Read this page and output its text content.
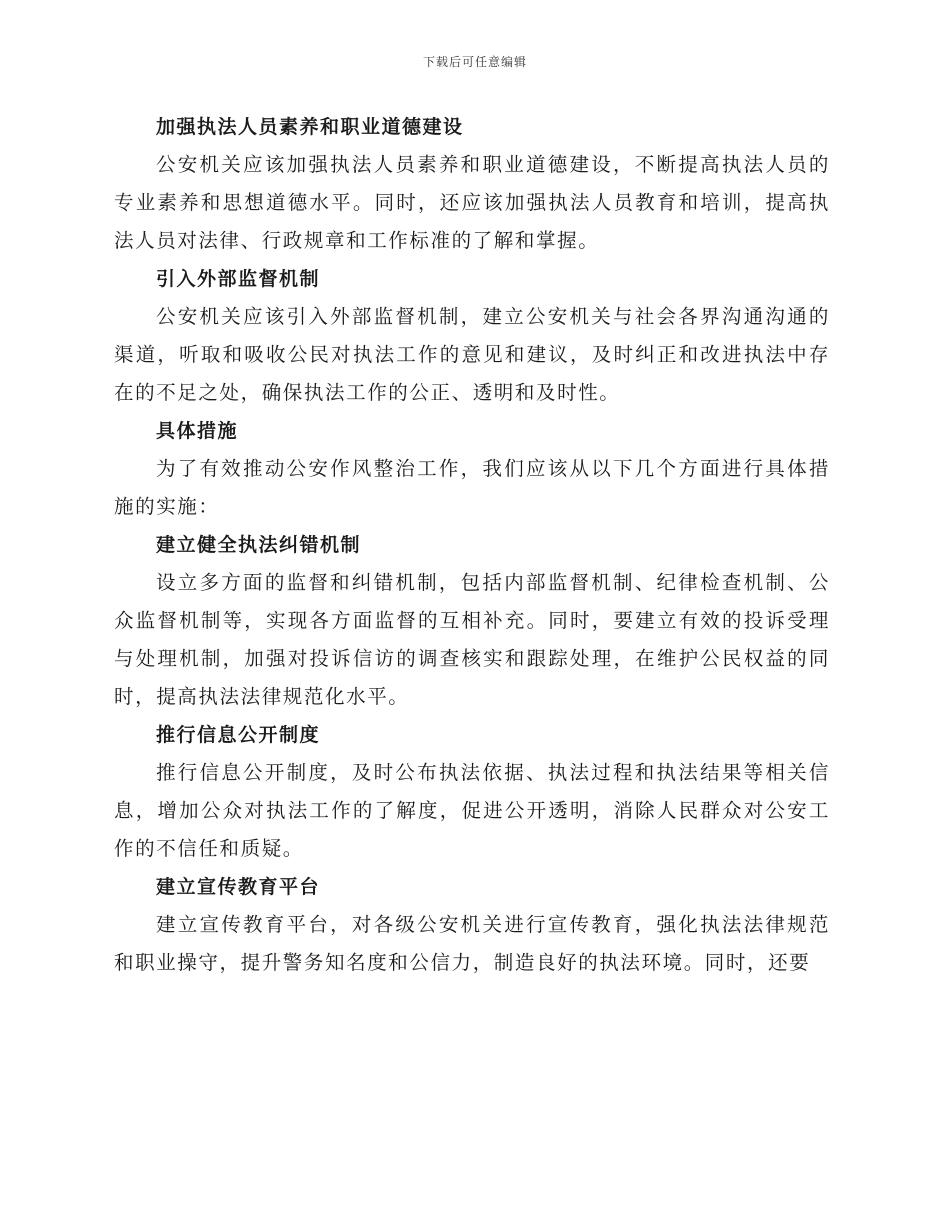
下载后可任意编辑
加强执法人员素养和职业道德建设

公安机关应该加强执法人员素养和职业道德建设，不断提高执法人员的专业素养和思想道德水平。同时，还应该加强执法人员教育和培训，提高执法人员对法律、行政规章和工作标准的了解和掌握。

引入外部监督机制

公安机关应该引入外部监督机制，建立公安机关与社会各界沟通沟通的渠道，听取和吸收公民对执法工作的意见和建议，及时纠正和改进执法中存在的不足之处，确保执法工作的公正、透明和及时性。

具体措施

为了有效推动公安作风整治工作，我们应该从以下几个方面进行具体措施的实施：

建立健全执法纠错机制

设立多方面的监督和纠错机制，包括内部监督机制、纪律检查机制、公众监督机制等，实现各方面监督的互相补充。同时，要建立有效的投诉受理与处理机制，加强对投诉信访的调查核实和跟踪处理，在维护公民权益的同时，提高执法法律规范化水平。

推行信息公开制度

推行信息公开制度，及时公布执法依据、执法过程和执法结果等相关信息，增加公众对执法工作的了解度，促进公开透明，消除人民群众对公安工作的不信任和质疑。

建立宣传教育平台

建立宣传教育平台，对各级公安机关进行宣传教育，强化执法法律规范和职业操守，提升警务知名度和公信力，制造良好的执法环境。同时，还要
